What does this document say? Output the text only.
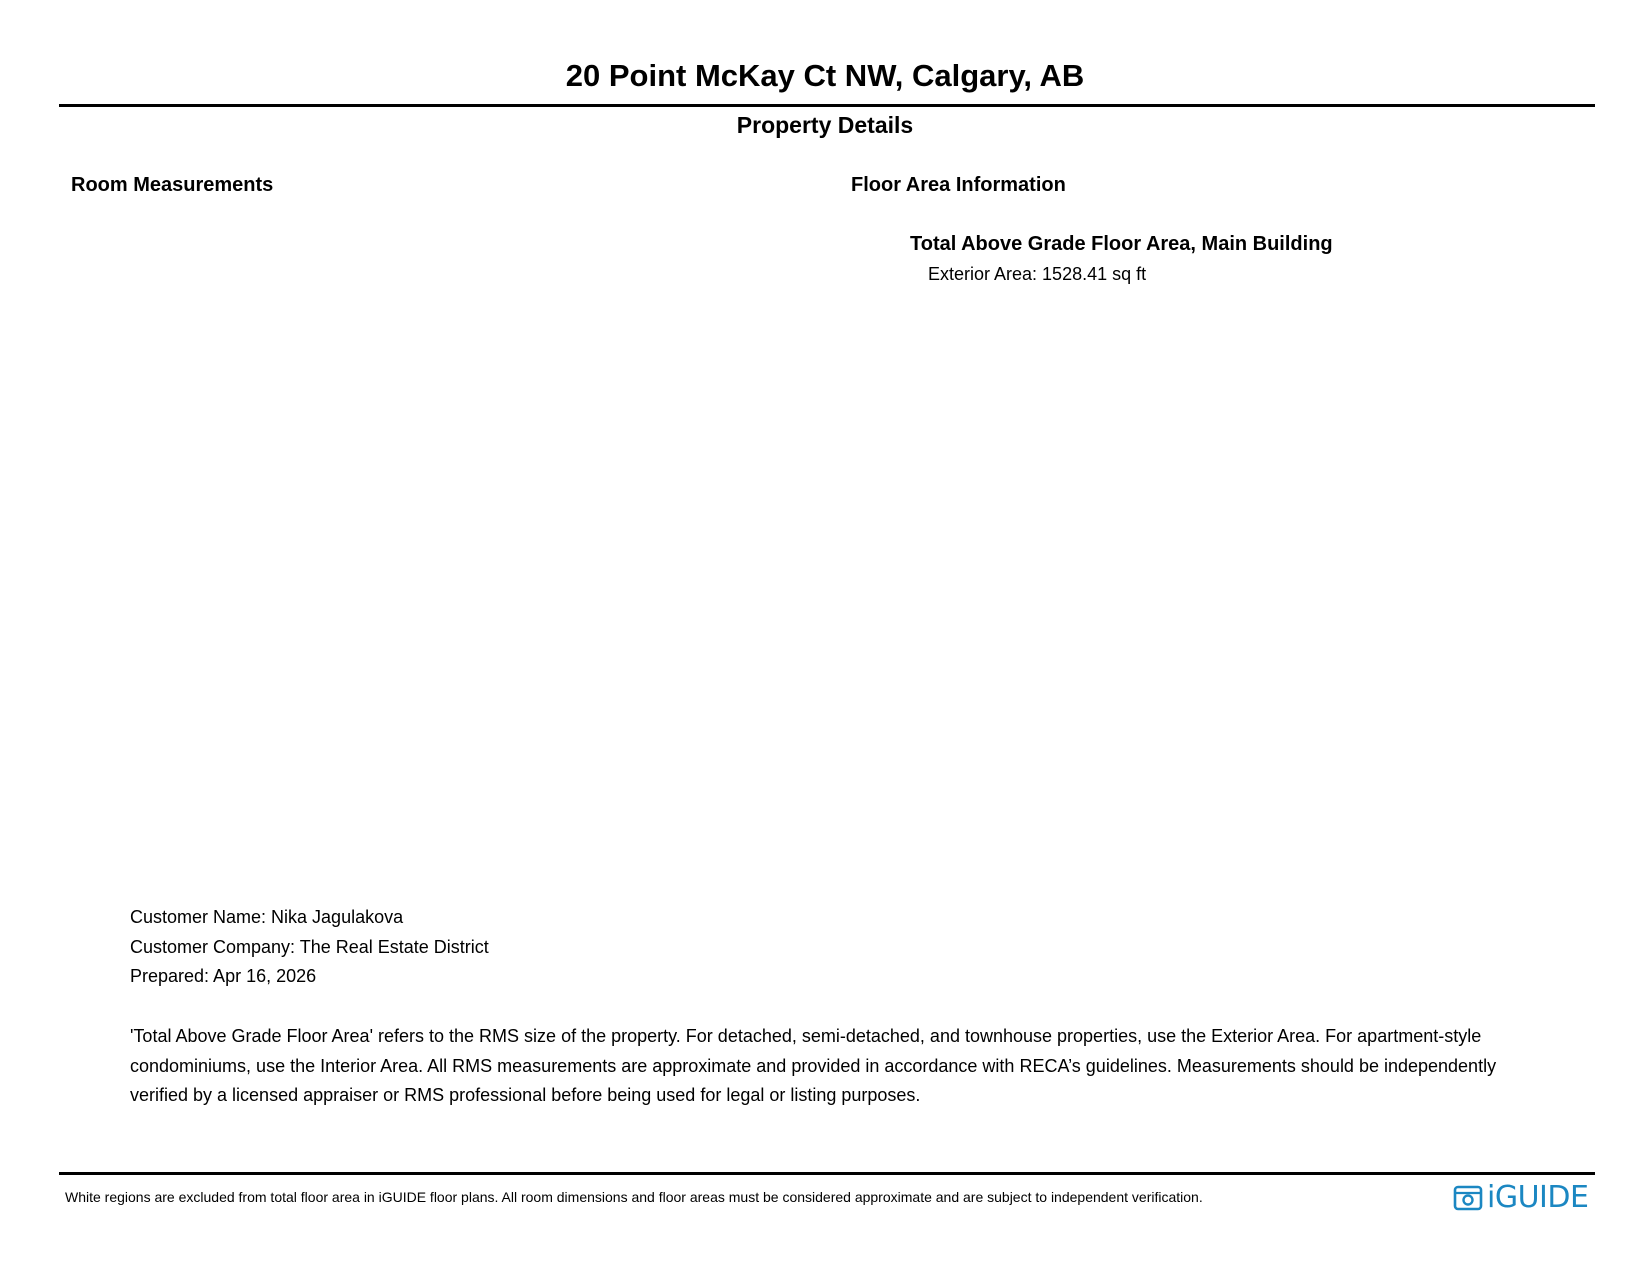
20 Point McKay Ct NW, Calgary, AB
Property Details
Room Measurements	Floor Area Information
Total Above Grade Floor Area, Main Building
Exterior Area: 1528.41 sq ft
Customer Name: Nika Jagulakova
Customer Company: The Real Estate District
Prepared: Apr 16, 2026
'Total Above Grade Floor Area' refers to the RMS size of the property. For detached, semi-detached, and townhouse properties, use the Exterior Area. For apartment-style condominiums, use the Interior Area. All RMS measurements are approximate and provided in accordance with RECA’s guidelines. Measurements should be independently verified by a licensed appraiser or RMS professional before being used for legal or listing purposes.
White regions are excluded from total floor area in iGUIDE floor plans. All room dimensions and floor areas must be considered approximate and are subject to independent verification.	iGUIDE
